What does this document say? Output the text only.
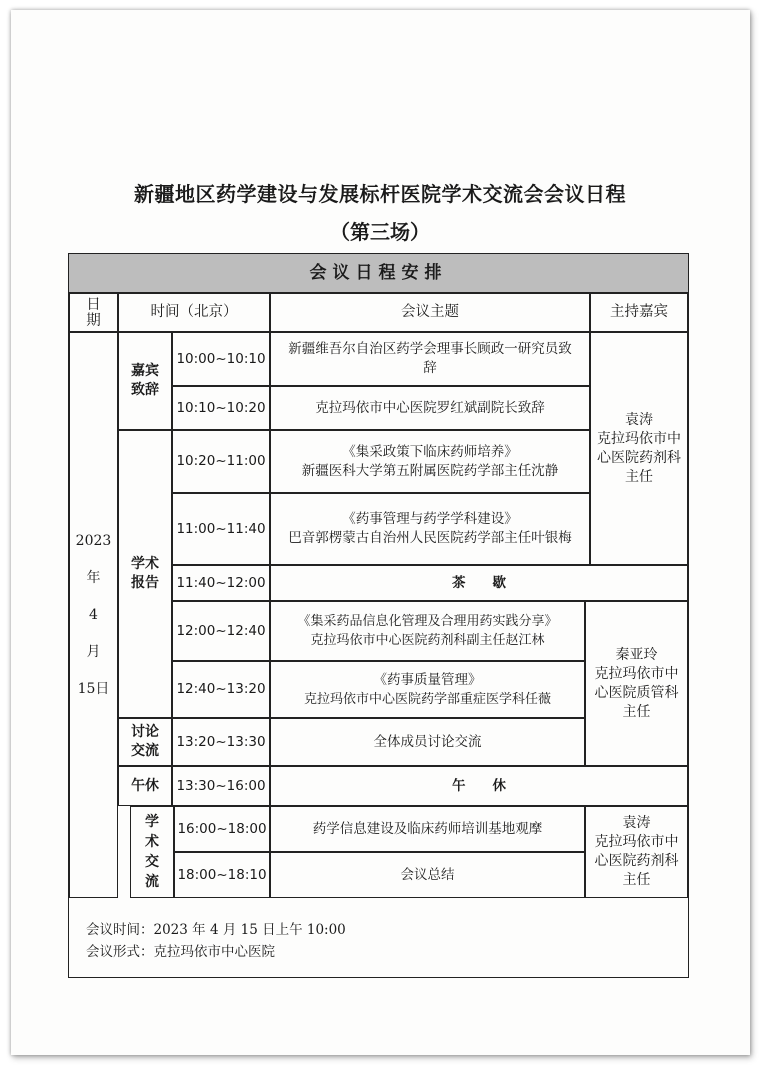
新疆地区药学建设与发展标杆医院学术交流会会议日程
（第三场）
会议日程安排
日期
时间（北京）	会议主题	主持嘉宾
2023
年
4
月
15日
嘉宾致辞
学术报告
讨论交流
午休
学术交流
10:00~10:10
10:10~10:20
10:20~11:00
11:00~11:40
11:40~12:00
12:00~12:40
12:40~13:20
13:20~13:30
13:30~16:00
16:00~18:00
18:00~18:10
新疆维吾尔自治区药学会理事长顾政一研究员致辞
克拉玛依市中心医院罗红斌副院长致辞
《集采政策下临床药师培养》
新疆医科大学第五附属医院药学部主任沈静
《药事管理与药学学科建设》
巴音郭楞蒙古自治州人民医院药学部主任叶银梅
茶　　歇
《集采药品信息化管理及合理用药实践分享》
克拉玛依市中心医院药剂科副主任赵江林
《药事质量管理》
克拉玛依市中心医院药学部重症医学科任薇
全体成员讨论交流
午　　休
药学信息建设及临床药师培训基地观摩
会议总结
袁涛
克拉玛依市中心医院药剂科主任
秦亚玲
克拉玛依市中心医院质管科主任
袁涛
克拉玛依市中心医院药剂科主任
会议时间：2023 年 4 月 15 日上午 10:00
会议形式：克拉玛依市中心医院
